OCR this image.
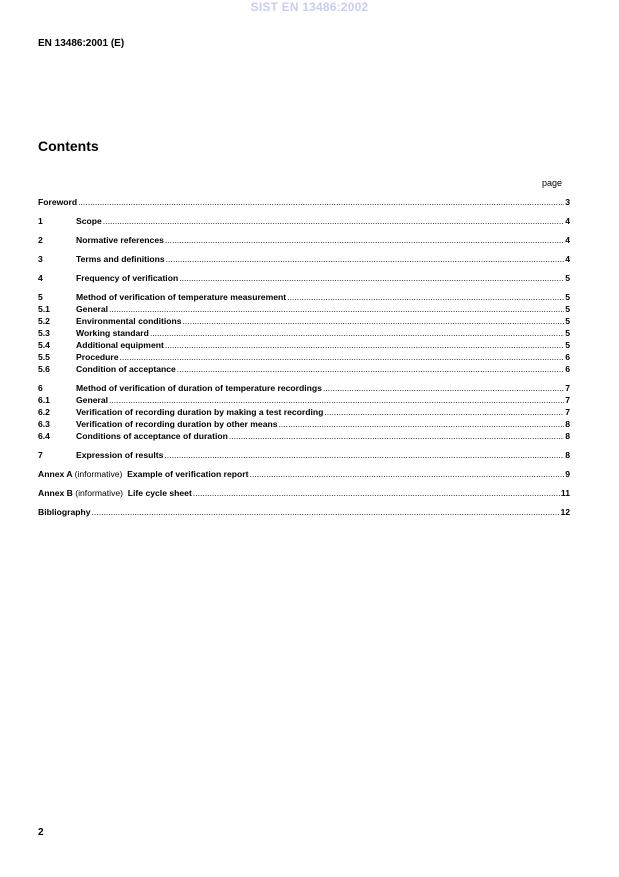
SIST EN 13486:2002
EN 13486:2001 (E)
Contents
page
Foreword .....	3
1	Scope .....	4
2	Normative references .....	4
3	Terms and definitions .....	4
4	Frequency of verification .....	5
5	Method of verification of temperature measurement .....	5
5.1	General .....	5
5.2	Environmental conditions .....	5
5.3	Working standard .....	5
5.4	Additional equipment .....	5
5.5	Procedure .....	6
5.6	Condition of acceptance .....	6
6	Method of verification of duration of temperature recordings .....	7
6.1	General .....	7
6.2	Verification of recording duration by making a test recording .....	7
6.3	Verification of recording duration by other means .....	8
6.4	Conditions of acceptance of duration .....	8
7	Expression of results .....	8
Annex A (informative) Example of verification report .....	9
Annex B (informative) Life cycle sheet .....	11
Bibliography .....	12
2
